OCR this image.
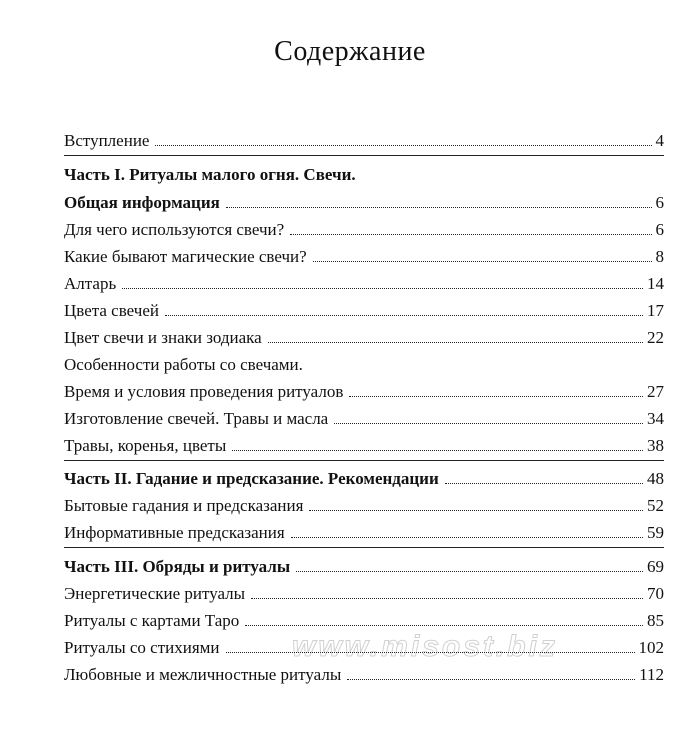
Содержание
Вступление	4
Часть I. Ритуалы малого огня. Свечи.
Общая информация	6
Для чего используются свечи?	6
Какие бывают магические свечи?	8
Алтарь	14
Цвета свечей	17
Цвет свечи и знаки зодиака	22
Особенности работы со свечами.
Время и условия проведения ритуалов	27
Изготовление свечей. Травы и масла	34
Травы, коренья, цветы	38
Часть II. Гадание и предсказание. Рекомендации	48
Бытовые гадания и предсказания	52
Информативные предсказания	59
Часть III. Обряды и ритуалы	69
Энергетические ритуалы	70
Ритуалы с картами Таро	85
Ритуалы со стихиями	102
Любовные и межличностные ритуалы	112
www.misost.biz
